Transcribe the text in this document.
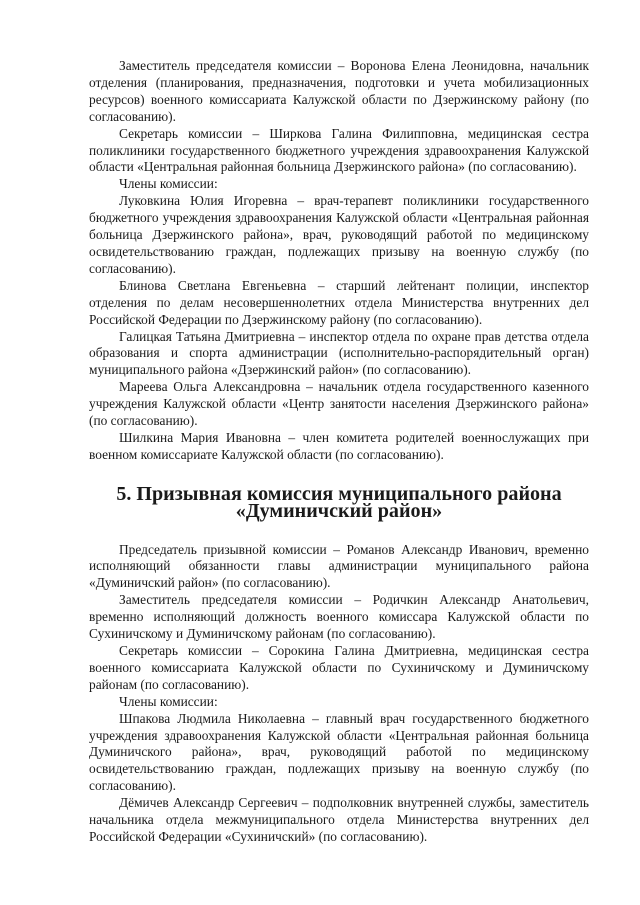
Заместитель председателя комиссии – Воронова Елена Леонидовна, начальник отделения (планирования, предназначения, подготовки и учета мобилизационных ресурсов) военного комиссариата Калужской области по Дзержинскому району (по согласованию).

Секретарь комиссии – Ширкова Галина Филипповна, медицинская сестра поликлиники государственного бюджетного учреждения здравоохранения Калужской области «Центральная районная больница Дзержинского района» (по согласованию).

Члены комиссии:

Луковкина Юлия Игоревна – врач-терапевт поликлиники государственного бюджетного учреждения здравоохранения Калужской области «Центральная районная больница Дзержинского района», врач, руководящий работой по медицинскому освидетельствованию граждан, подлежащих призыву на военную службу (по согласованию).

Блинова Светлана Евгеньевна – старший лейтенант полиции, инспектор отделения по делам несовершеннолетних отдела Министерства внутренних дел Российской Федерации по Дзержинскому району (по согласованию).

Галицкая Татьяна Дмитриевна – инспектор отдела по охране прав детства отдела образования и спорта администрации (исполнительно-распорядительный орган) муниципального района «Дзержинский район» (по согласованию).

Мареева Ольга Александровна – начальник отдела государственного казенного учреждения Калужской области «Центр занятости населения Дзержинского района» (по согласованию).

Шилкина Мария Ивановна – член комитета родителей военнослужащих при военном комиссариате Калужской области (по согласованию).

5. Призывная комиссия муниципального района
«Думиничский район»

Председатель призывной комиссии – Романов Александр Иванович, временно исполняющий обязанности главы администрации муниципального района «Думиничский район» (по согласованию).

Заместитель председателя комиссии – Родичкин Александр Анатольевич, временно исполняющий должность военного комиссара Калужской области по Сухиничскому и Думиничскому районам (по согласованию).

Секретарь комиссии – Сорокина Галина Дмитриевна, медицинская сестра военного комиссариата Калужской области по Сухиничскому и Думиничскому районам (по согласованию).

Члены комиссии:

Шпакова Людмила Николаевна – главный врач государственного бюджетного учреждения здравоохранения Калужской области «Центральная районная больница Думиничского района», врач, руководящий работой по медицинскому освидетельствованию граждан, подлежащих призыву на военную службу (по согласованию).

Дёмичев Александр Сергеевич – подполковник внутренней службы, заместитель начальника отдела межмуниципального отдела Министерства внутренних дел Российской Федерации «Сухиничский» (по согласованию).
